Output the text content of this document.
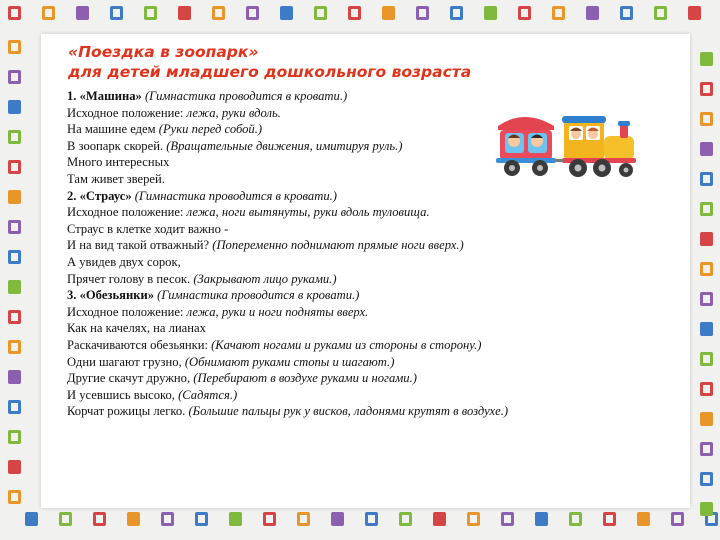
«Поездка в зоопарк»
для детей младшего дошкольного возраста
1. «Машина» (Гимнастика проводится в кровати.)
Исходное положение: лежа, руки вдоль.
На машине едем (Руки перед собой.)
В зоопарк скорей. (Вращательные движения, имитируя руль.)
Много интересных
Там живет зверей.
2. «Страус» (Гимнастика проводится в кровати.)
Исходное положение: лежа, ноги вытянуты, руки вдоль туловища.
Страус в клетке ходит важно -
И на вид такой отважный? (Попеременно поднимают прямые ноги вверх.)
А увидев двух сорок,
Прячет голову в песок. (Закрывают лицо руками.)
3. «Обезьянки» (Гимнастика проводится в кровати.)
Исходное положение: лежа, руки и ноги подняты вверх.
Как на качелях, на лианах
Раскачиваются обезьянки: (Качают ногами и руками из стороны в сторону.)
Одни шагают грузно, (Обнимают руками стопы и шагают.)
Другие скачут дружно, (Перебирают в воздухе руками и ногами.)
И усевшись высоко, (Садятся.)
Корчат рожицы легко. (Большие пальцы рук у висков, ладонями крутят в воздухе.)
